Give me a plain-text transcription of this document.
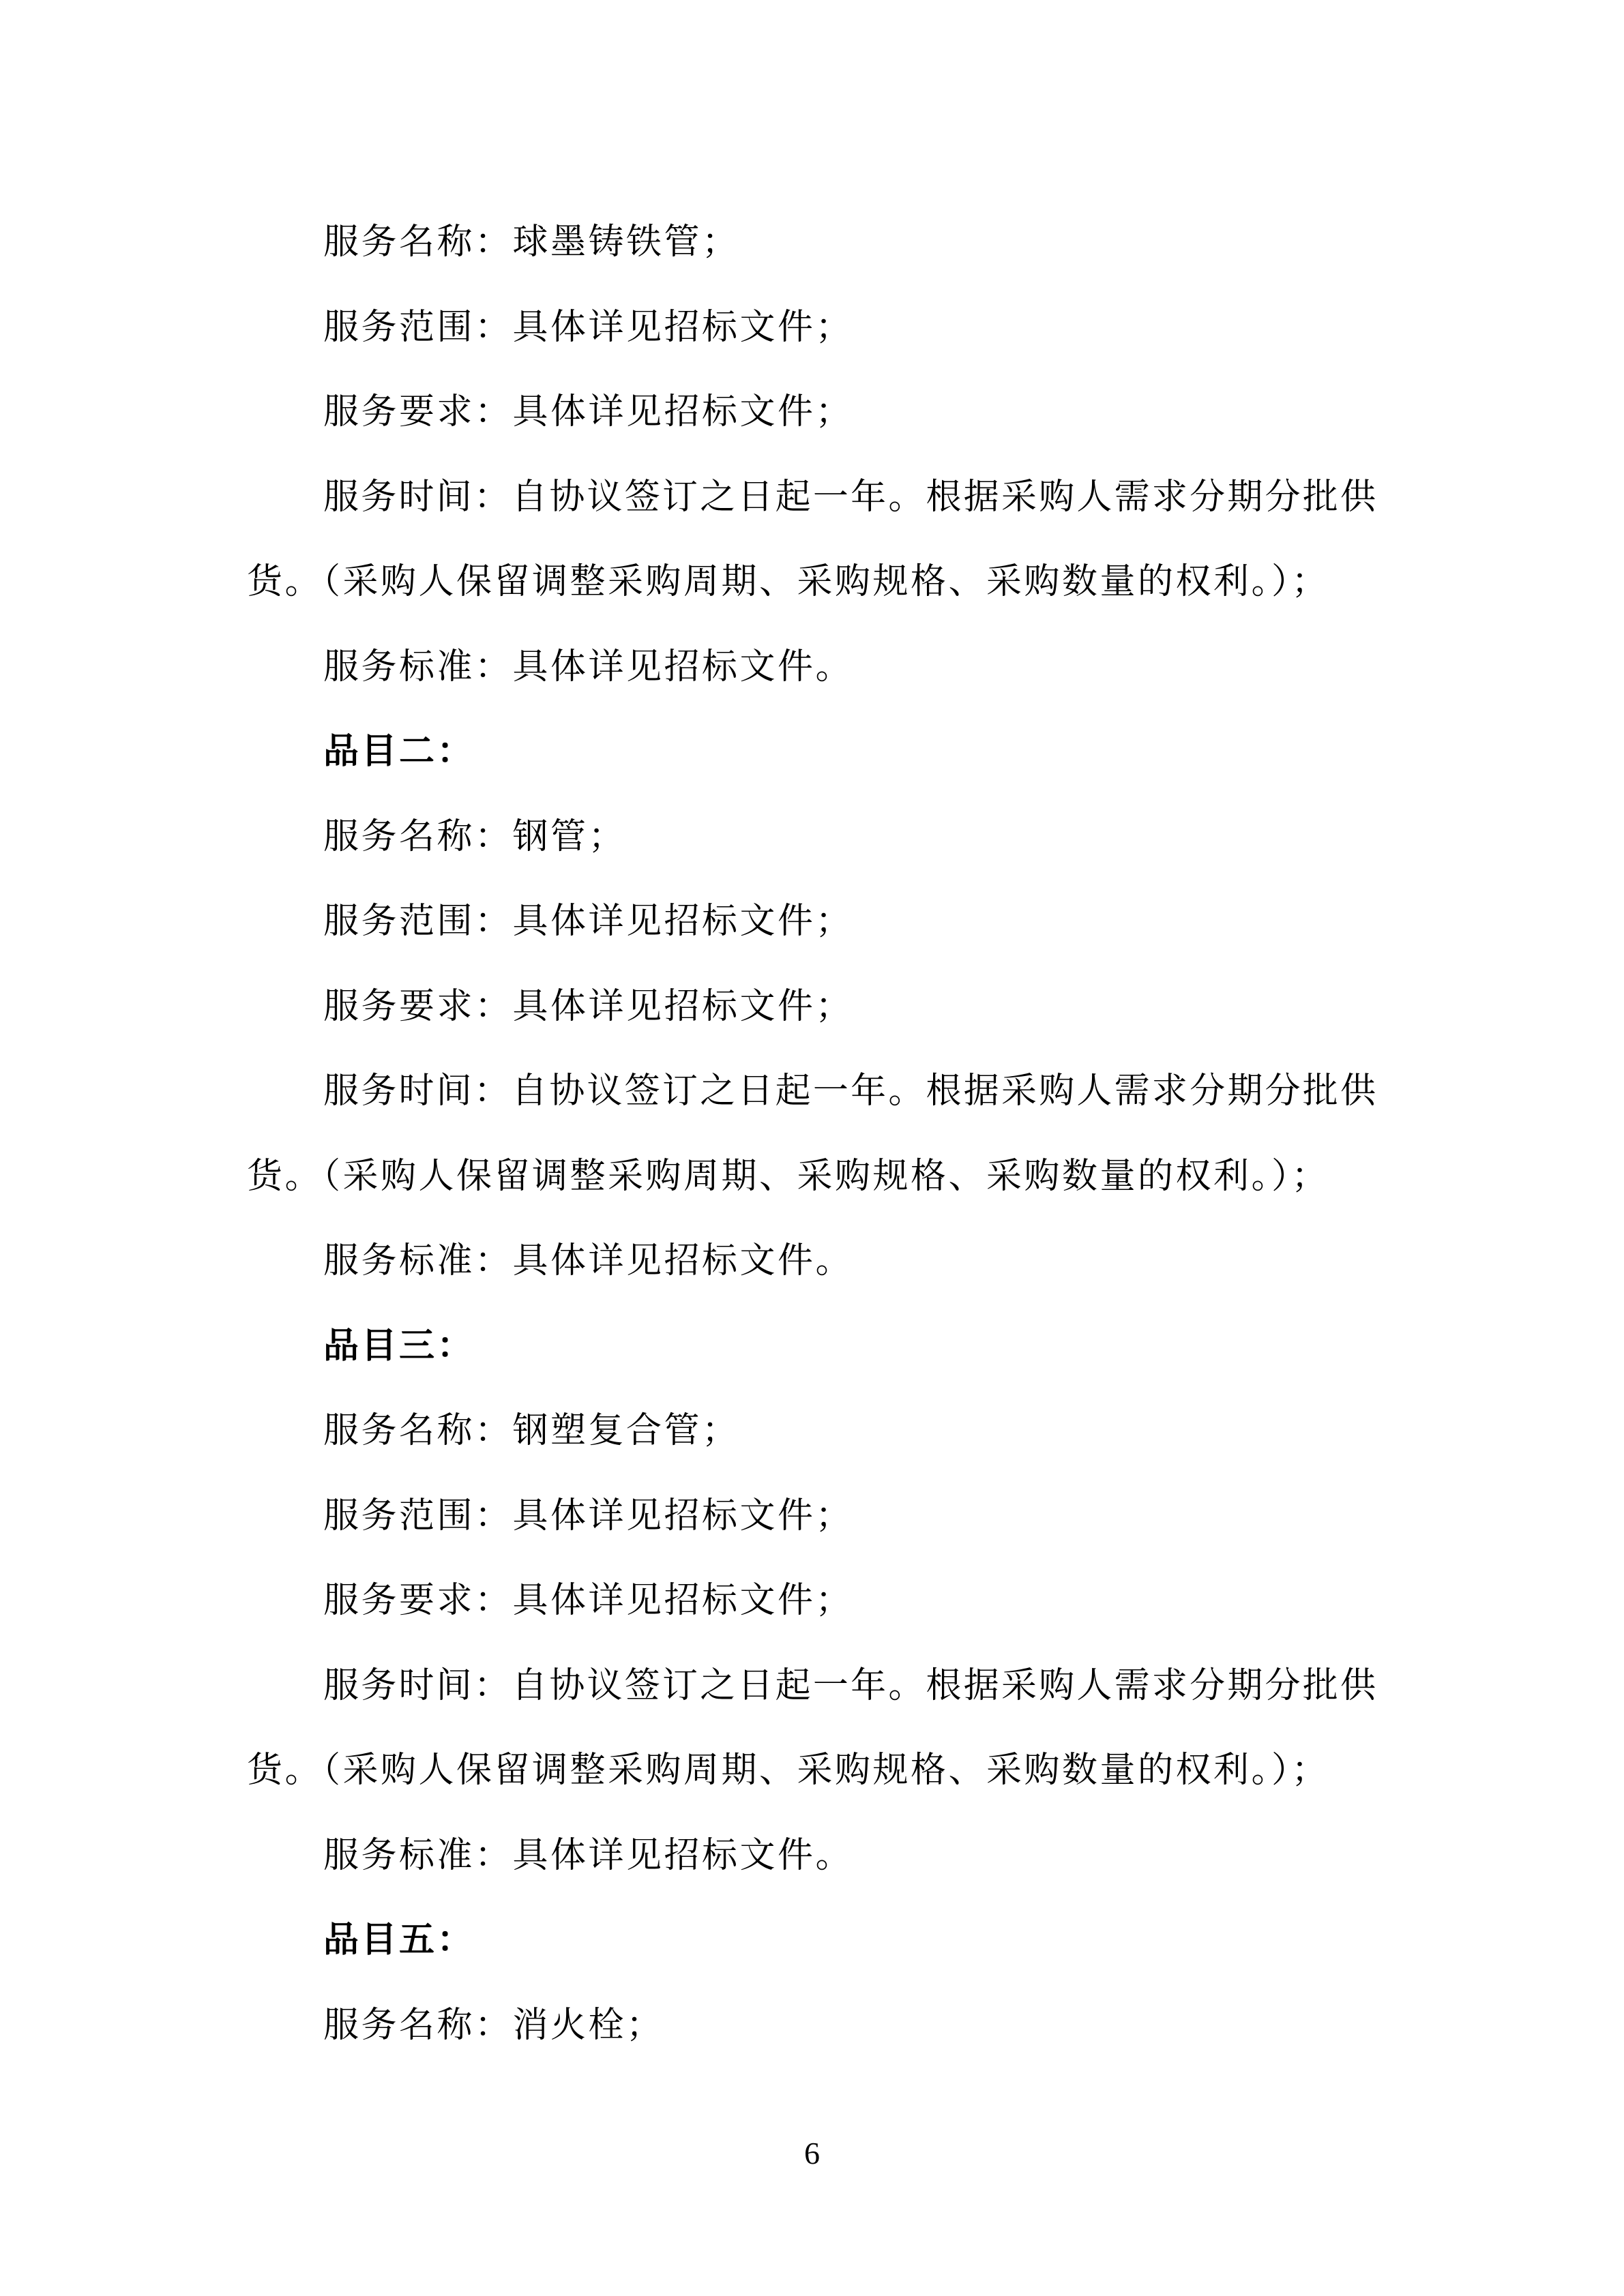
服务名称：球墨铸铁管；
服务范围：具体详见招标文件；
服务要求：具体详见招标文件；
服务时间：自协议签订之日起一年。根据采购人需求分期分批供
货。（采购人保留调整采购周期、采购规格、采购数量的权利。）；
服务标准：具体详见招标文件。
品目二：
服务名称：钢管；
服务范围：具体详见招标文件；
服务要求：具体详见招标文件；
服务时间：自协议签订之日起一年。根据采购人需求分期分批供
货。（采购人保留调整采购周期、采购规格、采购数量的权利。）；
服务标准：具体详见招标文件。
品目三：
服务名称：钢塑复合管；
服务范围：具体详见招标文件；
服务要求：具体详见招标文件；
服务时间：自协议签订之日起一年。根据采购人需求分期分批供
货。（采购人保留调整采购周期、采购规格、采购数量的权利。）；
服务标准：具体详见招标文件。
品目五：
服务名称：消火栓；
6
